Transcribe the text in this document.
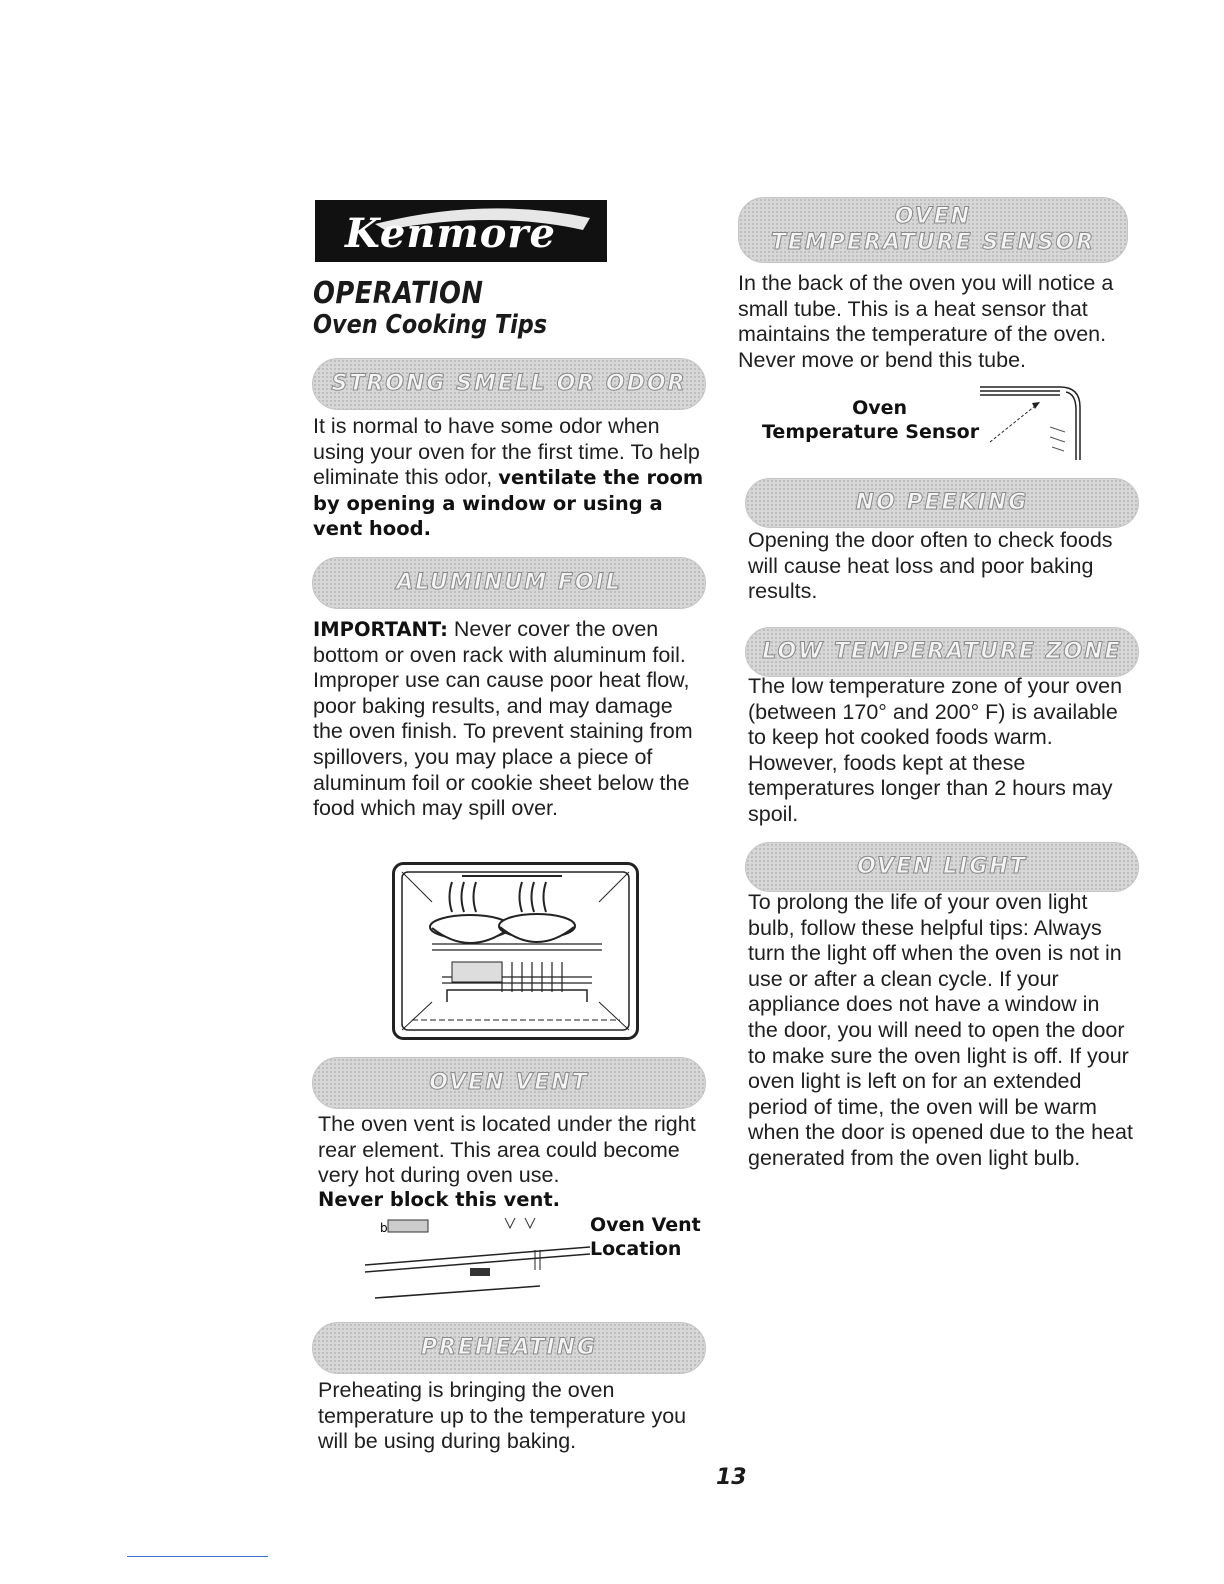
Kenmore
OPERATION
Oven Cooking Tips
STRONG SMELL OR ODOR
It is normal to have some odor when using your oven for the first time. To help eliminate this odor, ventilate the room by opening a window or using a vent hood.
ALUMINUM FOIL
IMPORTANT: Never cover the oven bottom or oven rack with aluminum foil. Improper use can cause poor heat flow, poor baking results, and may damage the oven finish. To prevent staining from spillovers, you may place a piece of aluminum foil or cookie sheet below the food which may spill over.
OVEN VENT
The oven vent is located under the right rear element. This area could become very hot during oven use.
Never block this vent.
b	Oven Vent
Location
PREHEATING
Preheating is bringing the oven temperature up to the temperature you will be using during baking.
OVEN
TEMPERATURE SENSOR
In the back of the oven you will notice a small tube. This is a heat sensor that maintains the temperature of the oven. Never move or bend this tube.
Oven
Temperature Sensor
NO PEEKING
Opening the door often to check foods will cause heat loss and poor baking results.
LOW TEMPERATURE ZONE
The low temperature zone of your oven (between 170° and 200° F) is available to keep hot cooked foods warm. However, foods kept at these temperatures longer than 2 hours may spoil.
OVEN LIGHT
To prolong the life of your oven light bulb, follow these helpful tips: Always turn the light off when the oven is not in use or after a clean cycle. If your appliance does not have a window in the door, you will need to open the door to make sure the oven light is off. If your oven light is left on for an extended period of time, the oven will be warm when the door is opened due to the heat generated from the oven light bulb.
13
